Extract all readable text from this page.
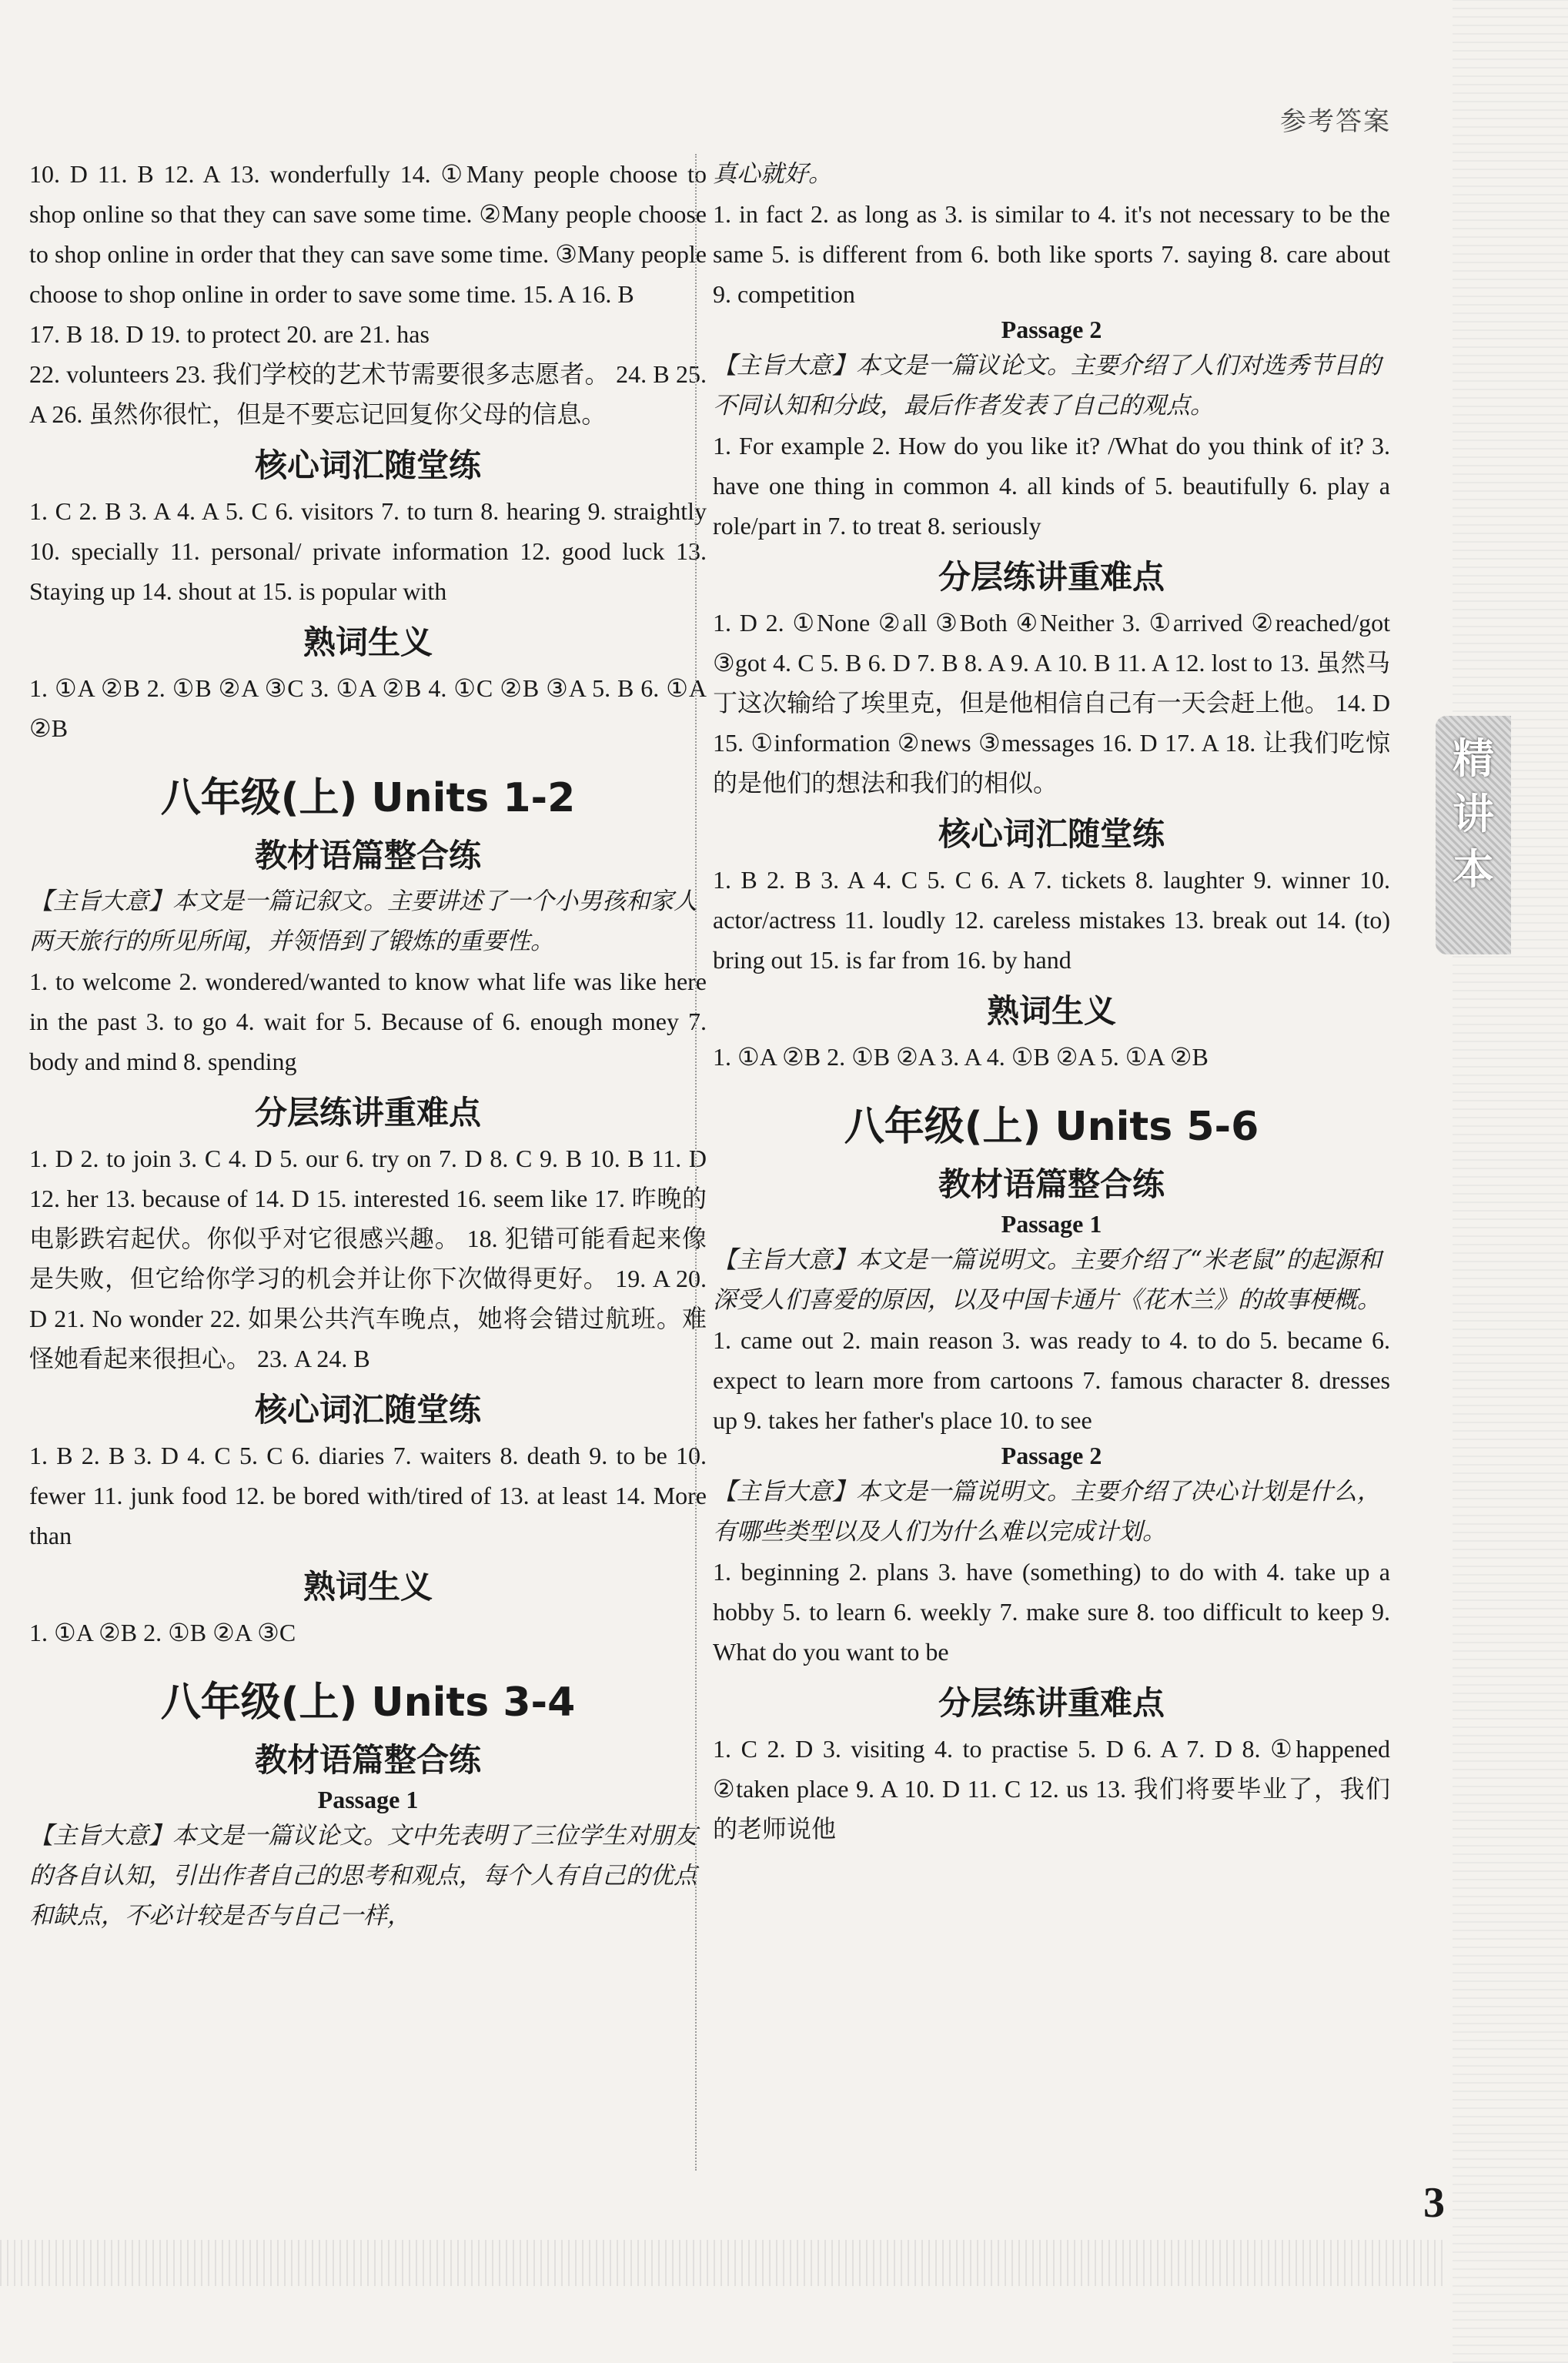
参考答案

10. D 11. B 12. A 13. wonderfully 14. ①Many people choose to shop online so that they can save some time. ②Many people choose to shop online in order that they can save some time. ③Many people choose to shop online in order to save some time. 15. A 16. B

17. B 18. D 19. to protect 20. are 21. has

22. volunteers 23. 我们学校的艺术节需要很多志愿者。 24. B 25. A 26. 虽然你很忙，但是不要忘记回复你父母的信息。

核心词汇随堂练

1. C 2. B 3. A 4. A 5. C 6. visitors 7. to turn 8. hearing 9. straightly 10. specially 11. personal/ private information 12. good luck 13. Staying up 14. shout at 15. is popular with

熟词生义

1. ①A ②B 2. ①B ②A ③C 3. ①A ②B 4. ①C ②B ③A 5. B 6. ①A ②B

八年级(上) Units 1-2
教材语篇整合练

【主旨大意】本文是一篇记叙文。主要讲述了一个小男孩和家人两天旅行的所见所闻，并领悟到了锻炼的重要性。

1. to welcome 2. wondered/wanted to know what life was like here in the past 3. to go 4. wait for 5. Because of 6. enough money 7. body and mind 8. spending

分层练讲重难点

1. D 2. to join 3. C 4. D 5. our 6. try on 7. D 8. C 9. B 10. B 11. D 12. her 13. because of 14. D 15. interested 16. seem like 17. 昨晚的电影跌宕起伏。你似乎对它很感兴趣。 18. 犯错可能看起来像是失败，但它给你学习的机会并让你下次做得更好。 19. A 20. D 21. No wonder 22. 如果公共汽车晚点，她将会错过航班。难怪她看起来很担心。 23. A 24. B

核心词汇随堂练

1. B 2. B 3. D 4. C 5. C 6. diaries 7. waiters 8. death 9. to be 10. fewer 11. junk food 12. be bored with/tired of 13. at least 14. More than

熟词生义

1. ①A ②B 2. ①B ②A ③C

八年级(上) Units 3-4
教材语篇整合练
Passage 1

【主旨大意】本文是一篇议论文。文中先表明了三位学生对朋友的各自认知，引出作者自己的思考和观点，每个人有自己的优点和缺点，不必计较是否与自己一样，

真心就好。

1. in fact 2. as long as 3. is similar to 4. it's not necessary to be the same 5. is different from 6. both like sports 7. saying 8. care about 9. competition

Passage 2

【主旨大意】本文是一篇议论文。主要介绍了人们对选秀节目的不同认知和分歧，最后作者发表了自己的观点。

1. For example 2. How do you like it? /What do you think of it? 3. have one thing in common 4. all kinds of 5. beautifully 6. play a role/part in 7. to treat 8. seriously

分层练讲重难点

1. D 2. ①None ②all ③Both ④Neither 3. ①arrived ②reached/got ③got 4. C 5. B 6. D 7. B 8. A 9. A 10. B 11. A 12. lost to 13. 虽然马丁这次输给了埃里克，但是他相信自己有一天会赶上他。 14. D 15. ①information ②news ③messages 16. D 17. A 18. 让我们吃惊的是他们的想法和我们的相似。

核心词汇随堂练

1. B 2. B 3. A 4. C 5. C 6. A 7. tickets 8. laughter 9. winner 10. actor/actress 11. loudly 12. careless mistakes 13. break out 14. (to) bring out 15. is far from 16. by hand

熟词生义

1. ①A ②B 2. ①B ②A 3. A 4. ①B ②A 5. ①A ②B

八年级(上) Units 5-6
教材语篇整合练
Passage 1

【主旨大意】本文是一篇说明文。主要介绍了“米老鼠”的起源和深受人们喜爱的原因，以及中国卡通片《花木兰》的故事梗概。

1. came out 2. main reason 3. was ready to 4. to do 5. became 6. expect to learn more from cartoons 7. famous character 8. dresses up 9. takes her father's place 10. to see

Passage 2

【主旨大意】本文是一篇说明文。主要介绍了决心计划是什么，有哪些类型以及人们为什么难以完成计划。

1. beginning 2. plans 3. have (something) to do with 4. take up a hobby 5. to learn 6. weekly 7. make sure 8. too difficult to keep 9. What do you want to be

分层练讲重难点

1. C 2. D 3. visiting 4. to practise 5. D 6. A 7. D 8. ①happened ②taken place 9. A 10. D 11. C 12. us 13. 我们将要毕业了，我们的老师说他

精讲本
3
